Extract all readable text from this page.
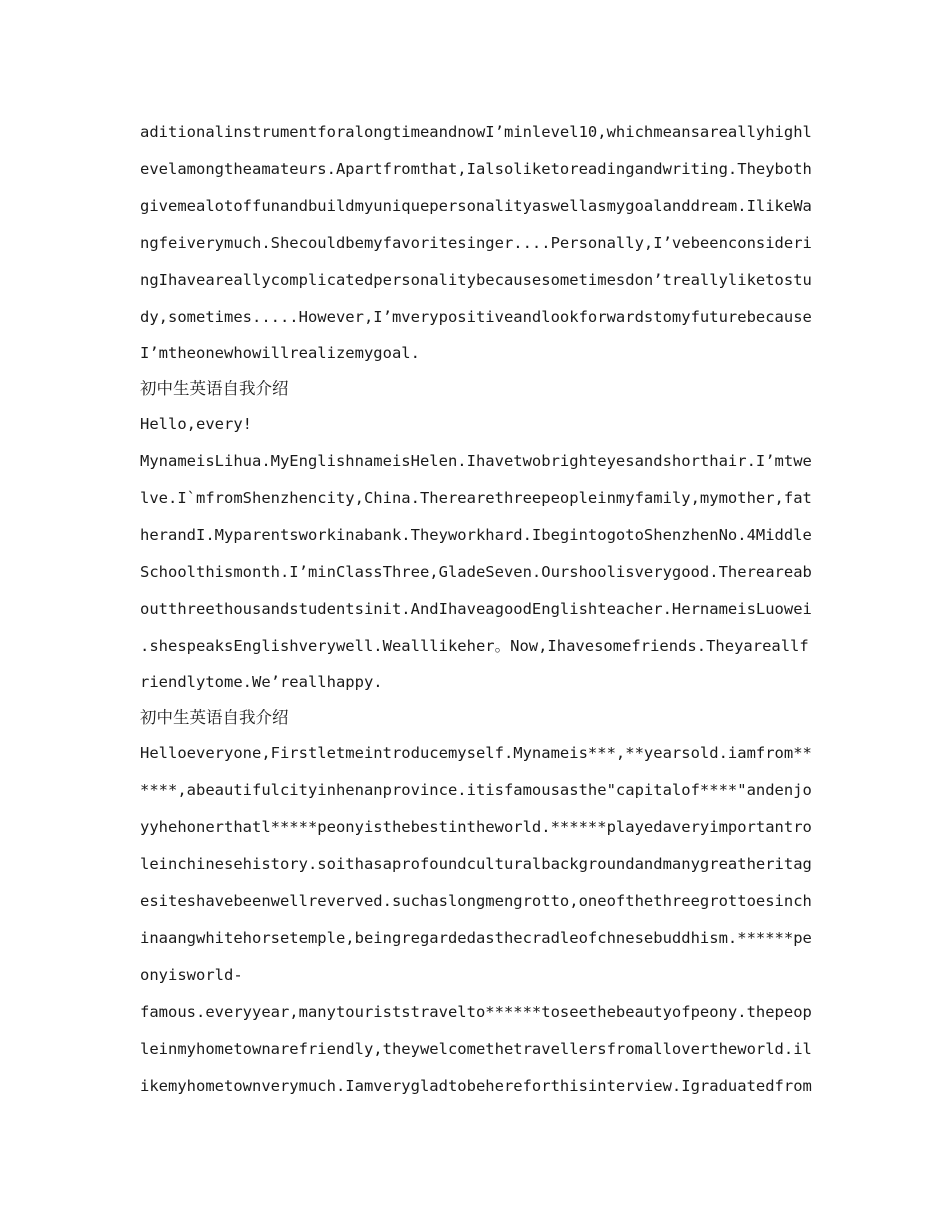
aditionalinstrumentforalongtimeandnowI’minlevel10,whichmeansareallyhighl
evelamongtheamateurs.Apartfromthat,Ialsoliketoreadingandwriting.Theyboth
givemealotoffunandbuildmyuniquepersonalityaswellasmygoalanddream.IlikeWa
ngfeiverymuch.Shecouldbemyfavoritesinger....Personally,I’vebeenconsideri
ngIhaveareallycomplicatedpersonalitybecausesometimesdon’treallyliketostu
dy,sometimes.....However,I’mverypositiveandlookforwardstomyfuturebecause
I’mtheonewhowillrealizemygoal.
初中生英语自我介绍
Hello,every!
MynameisLihua.MyEnglishnameisHelen.Ihavetwobrighteyesandshorthair.I’mtwe
lve.I`mfromShenzhencity,China.Therearethreepeopleinmyfamily,mymother,fat
herandI.Myparentsworkinabank.Theyworkhard.IbegintogotoShenzhenNo.4Middle
Schoolthismonth.I’minClassThree,GladeSeven.Ourshoolisverygood.Thereareab
outthreethousandstudentsinit.AndIhaveagoodEnglishteacher.HernameisLuowei
.shespeaksEnglishverywell.Wealllikeher。Now,Ihavesomefriends.Theyareallf
riendlytome.We’reallhappy.
初中生英语自我介绍
Helloeveryone,Firstletmeintroducemyself.Mynameis***,**yearsold.iamfrom**
****,abeautifulcityinhenanprovince.itisfamousasthe"capitalof****"andenjo
yyhehonerthatl*****peonyisthebestintheworld.******playedaveryimportantro
leinchinesehistory.soithasaprofoundculturalbackgroundandmanygreatheritag
esiteshavebeenwellreverved.suchaslongmengrotto,oneofthethreegrottoesinch
inaangwhitehorsetemple,beingregardedasthecradleofchnesebuddhism.******pe
onyisworld-
famous.everyyear,manytouriststravelto******toseethebeautyofpeony.thepeop
leinmyhometownarefriendly,theywelcomethetravellersfromallovertheworld.il
ikemyhometownverymuch.Iamverygladtobehereforthisinterview.Igraduatedfrom
